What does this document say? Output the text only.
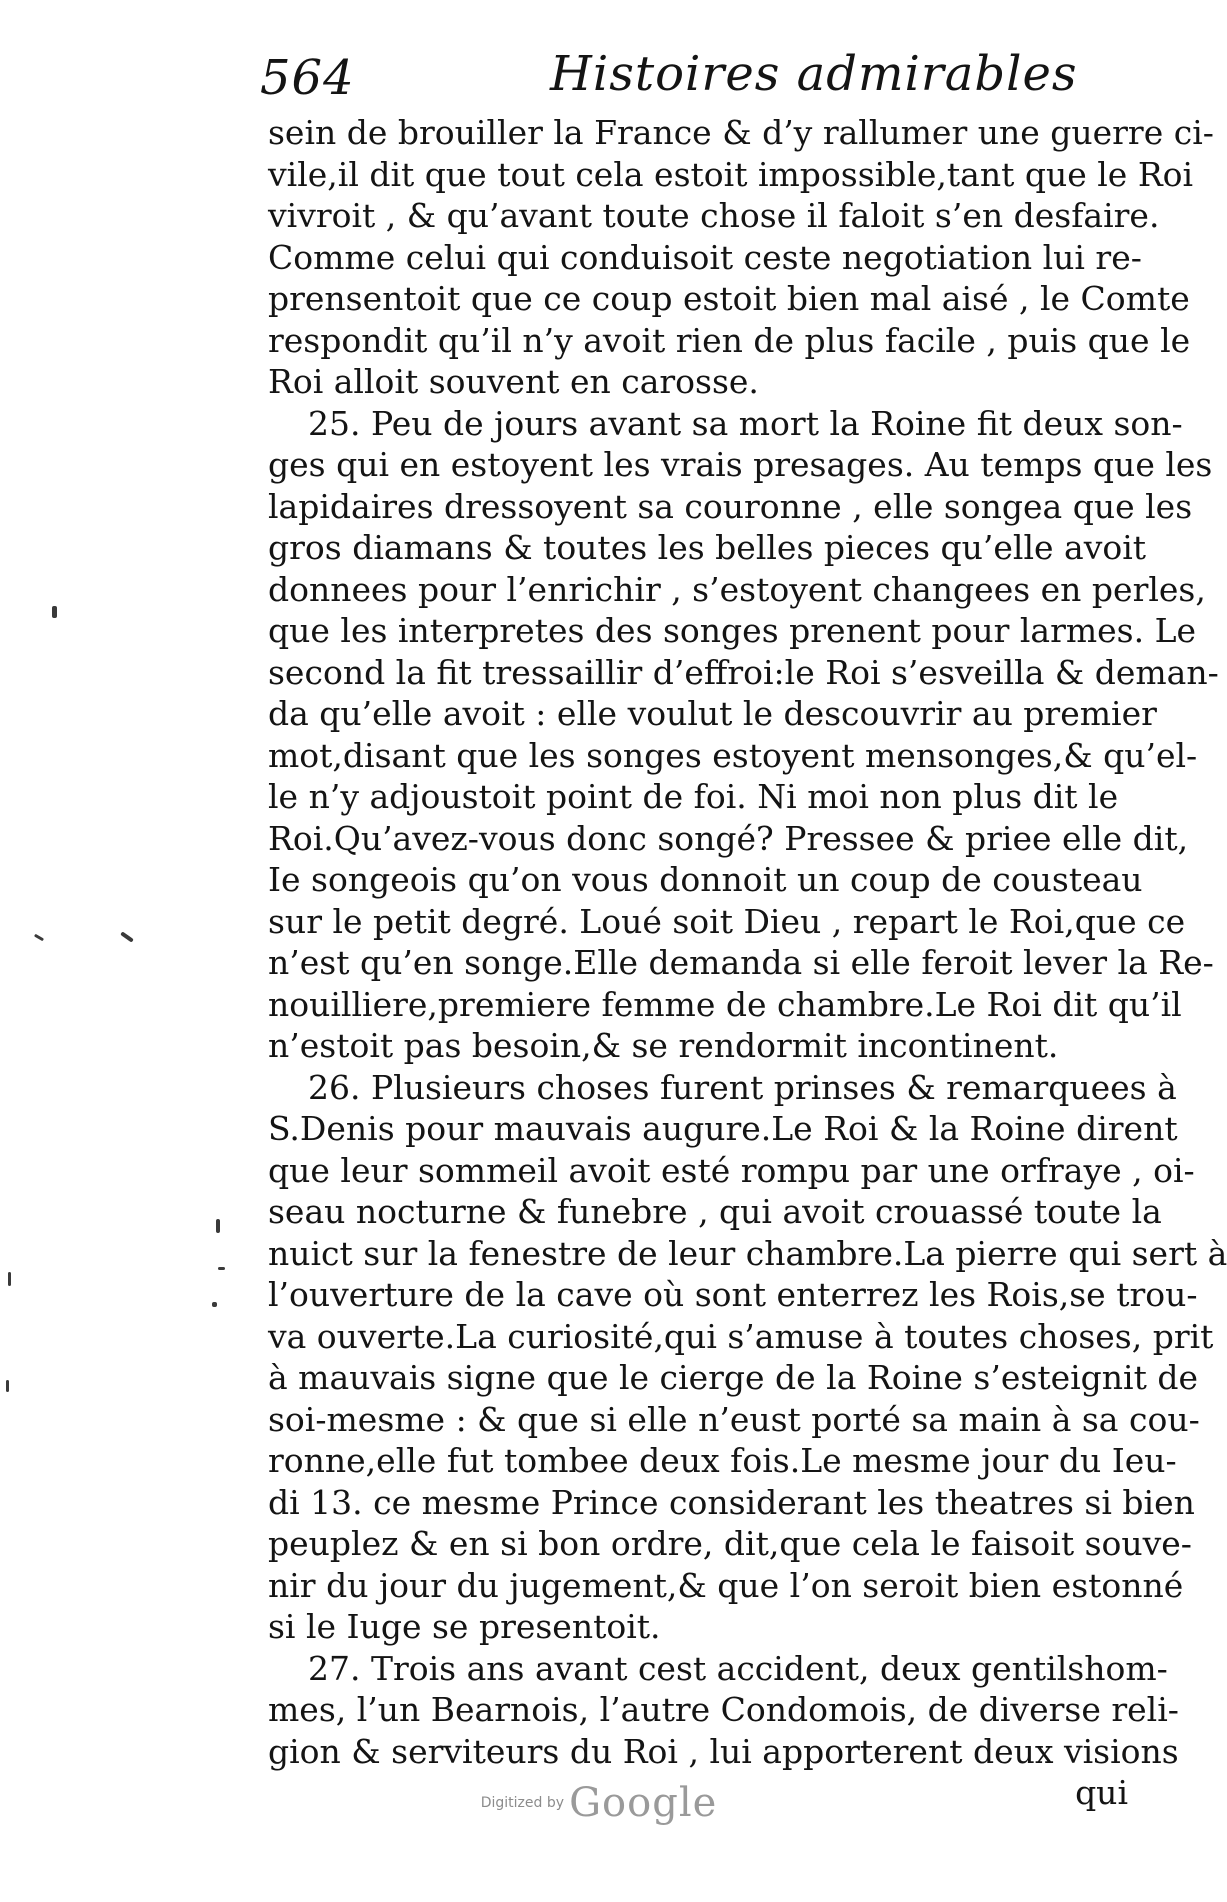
564	Histoires admirables
sein de brouiller la France & d’y rallumer une guerre ci-
vile,il dit que tout cela estoit impossible,tant que le Roi
vivroit , & qu’avant toute chose il faloit s’en desfaire.
Comme celui qui conduisoit ceste negotiation lui re-
prensentoit que ce coup estoit bien mal aisé , le Comte
respondit qu’il n’y avoit rien de plus facile , puis que le
Roi alloit souvent en carosse.
25. Peu de jours avant sa mort la Roine fit deux son-
ges qui en estoyent les vrais presages. Au temps que les
lapidaires dressoyent sa couronne , elle songea que les
gros diamans & toutes les belles pieces qu’elle avoit
donnees pour l’enrichir , s’estoyent changees en perles,
que les interpretes des songes prenent pour larmes. Le
second la fit tressaillir d’effroi:le Roi s’esveilla & deman-
da qu’elle avoit : elle voulut le descouvrir au premier
mot,disant que les songes estoyent mensonges,& qu’el-
le n’y adjoustoit point de foi. Ni moi non plus dit le
Roi.Qu’avez-vous donc songé? Pressee & priee elle dit,
Ie songeois qu’on vous donnoit un coup de cousteau
sur le petit degré. Loué soit Dieu , repart le Roi,que ce
n’est qu’en songe.Elle demanda si elle feroit lever la Re-
nouilliere,premiere femme de chambre.Le Roi dit qu’il
n’estoit pas besoin,& se rendormit incontinent.
26. Plusieurs choses furent prinses & remarquees à
S.Denis pour mauvais augure.Le Roi & la Roine dirent
que leur sommeil avoit esté rompu par une orfraye , oi-
seau nocturne & funebre , qui avoit crouassé toute la
nuict sur la fenestre de leur chambre.La pierre qui sert à
l’ouverture de la cave où sont enterrez les Rois,se trou-
va ouverte.La curiosité,qui s’amuse à toutes choses, prit
à mauvais signe que le cierge de la Roine s’esteignit de
soi-mesme : & que si elle n’eust porté sa main à sa cou-
ronne,elle fut tombee deux fois.Le mesme jour du Ieu-
di 13. ce mesme Prince considerant les theatres si bien
peuplez & en si bon ordre, dit,que cela le faisoit souve-
nir du jour du jugement,& que l’on seroit bien estonné
si le Iuge se presentoit.
27. Trois ans avant cest accident, deux gentilshom-
mes, l’un Bearnois, l’autre Condomois, de diverse reli-
gion & serviteurs du Roi , lui apporterent deux visions
qui
Digitized by Google
